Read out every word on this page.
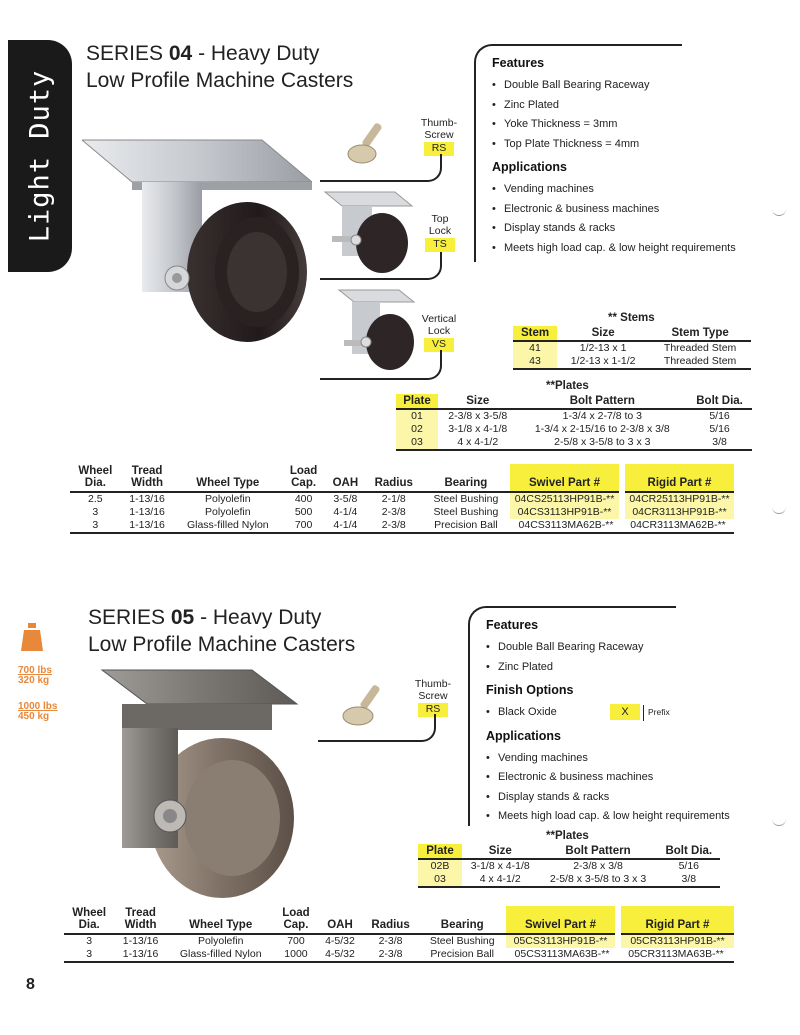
Light Duty
SERIES 04 - Heavy Duty
Low Profile Machine Casters
Thumb-
Screw
RS
Top
Lock
TS
Vertical
Lock
VS
Features
• Double Ball Bearing Raceway
• Zinc Plated
• Yoke Thickness = 3mm
• Top Plate Thickness = 4mm
Applications
• Vending machines
• Electronic & business machines
• Display stands & racks
• Meets high load cap. & low height requirements
** Stems
Stem	Size	Stem Type
41	1/2-13 x 1	Threaded Stem
43	1/2-13 x 1-1/2	Threaded Stem
**Plates
Plate	Size	Bolt Pattern	Bolt Dia.
01	2-3/8 x 3-5/8	1-3/4 x 2-7/8 to 3	5/16
02	3-1/8 x 4-1/8	1-3/4 x 2-15/16 to 2-3/8 x 3/8	5/16
03	4 x 4-1/2	2-5/8 x 3-5/8 to 3 x 3	3/8
Wheel
Dia.	Tread
Width	Wheel Type	Load
Cap.	OAH	Radius	Bearing	Swivel Part #	Rigid Part #
2.5	1-13/16	Polyolefin	400	3-5/8	2-1/8	Steel Bushing	04CS25113HP91B-**	04CR25113HP91B-**
3	1-13/16	Polyolefin	500	4-1/4	2-3/8	Steel Bushing	04CS3113HP91B-**	04CR3113HP91B-**
3	1-13/16	Glass-filled Nylon	700	4-1/4	2-3/8	Precision Ball	04CS3113MA62B-**	04CR3113MA62B-**
SERIES 05 - Heavy Duty
Low Profile Machine Casters
700 lbs
320 kg
1000 lbs
450 kg
Thumb-
Screw
RS
Features
• Double Ball Bearing Raceway
• Zinc Plated
Finish Options
• Black Oxide	X	Prefix
Applications
• Vending machines
• Electronic & business machines
• Display stands & racks
• Meets high load cap. & low height requirements
**Plates
Plate	Size	Bolt Pattern	Bolt Dia.
02B	3-1/8 x 4-1/8	2-3/8 x 3/8	5/16
03	4 x 4-1/2	2-5/8 x 3-5/8 to 3 x 3	3/8
Wheel
Dia.	Tread
Width	Wheel Type	Load
Cap.	OAH	Radius	Bearing	Swivel Part #	Rigid Part #
3	1-13/16	Polyolefin	700	4-5/32	2-3/8	Steel Bushing	05CS3113HP91B-**	05CR3113HP91B-**
3	1-13/16	Glass-filled Nylon	1000	4-5/32	2-3/8	Precision Ball	05CS3113MA63B-**	05CR3113MA63B-**
8
